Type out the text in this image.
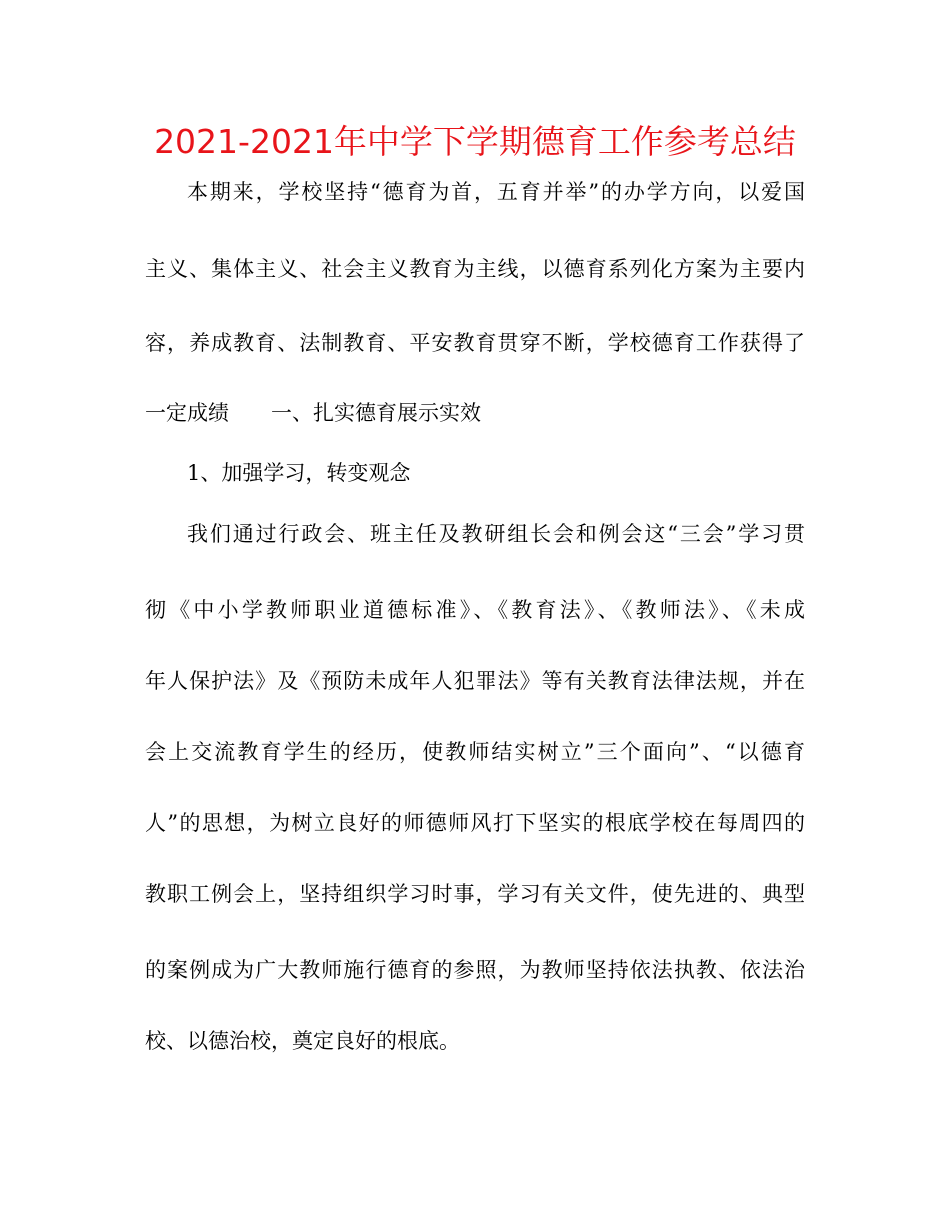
2021-2021年中学下学期德育工作参考总结
本期来，学校坚持“德育为首，五育并举”的办学方向，以爱国
主义、集体主义、社会主义教育为主线，以德育系列化方案为主要内
容，养成教育、法制教育、平安教育贯穿不断，学校德育工作获得了
一定成绩　　一、扎实德育展示实效
1、加强学习，转变观念
我们通过行政会、班主任及教研组长会和例会这“三会”学习贯
彻《中小学教师职业道德标准》、《教育法》、《教师法》、《未成
年人保护法》及《预防未成年人犯罪法》等有关教育法律法规，并在
会上交流教育学生的经历，使教师结实树立”三个面向”、“以德育
人”的思想，为树立良好的师德师风打下坚实的根底学校在每周四的
教职工例会上，坚持组织学习时事，学习有关文件，使先进的、典型
的案例成为广大教师施行德育的参照，为教师坚持依法执教、依法治
校、以德治校，奠定良好的根底。
